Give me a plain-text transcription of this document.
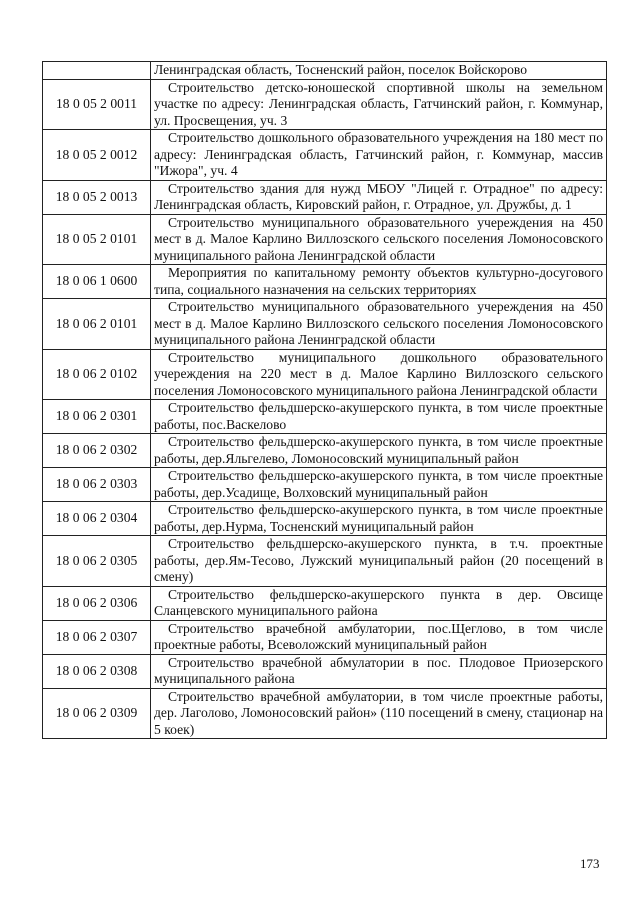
	Ленинградская область, Тосненский район, поселок Войскорово
18 0 05 2 0011	Строительство детско-юношеской спортивной школы на земельном участке по адресу: Ленинградская область, Гатчинский район, г. Коммунар, ул. Просвещения, уч. 3
18 0 05 2 0012	Строительство дошкольного образовательного учреждения на 180 мест по адресу: Ленинградская область, Гатчинский район, г. Коммунар, массив "Ижора", уч. 4
18 0 05 2 0013	Строительство здания для нужд МБОУ "Лицей г. Отрадное" по адресу: Ленинградская область, Кировский район, г. Отрадное, ул. Дружбы, д. 1
18 0 05 2 0101	Строительство муниципального образовательного учереждения на 450 мест в д. Малое Карлино Виллозского сельского поселения Ломоносовского муниципального района Ленинградской области
18 0 06 1 0600	Мероприятия по капитальному ремонту объектов культурно-досугового типа, социального назначения на сельских территориях
18 0 06 2 0101	Строительство муниципального образовательного учереждения на 450 мест в д. Малое Карлино Виллозского сельского поселения Ломоносовского муниципального района Ленинградской области
18 0 06 2 0102	Строительство муниципального дошкольного образовательного учереждения на 220 мест в д. Малое Карлино Виллозского сельского поселения Ломоносовского муниципального района Ленинградской области
18 0 06 2 0301	Строительство фельдшерско-акушерского пункта, в том числе проектные работы, пос.Васкелово
18 0 06 2 0302	Строительство фельдшерско-акушерского пункта, в том числе проектные работы, дер.Яльгелево, Ломоносовский муниципальный район
18 0 06 2 0303	Строительство фельдшерско-акушерского пункта, в том числе проектные работы, дер.Усадище, Волховский муниципальный район
18 0 06 2 0304	Строительство фельдшерско-акушерского пункта, в том числе проектные работы, дер.Нурма, Тосненский муниципальный район
18 0 06 2 0305	Строительство фельдшерско-акушерского пункта, в т.ч. проектные работы, дер.Ям-Тесово, Лужский муниципальный район (20 посещений в смену)
18 0 06 2 0306	Строительство фельдшерско-акушерского пункта в дер. Овсище Сланцевского муниципального района
18 0 06 2 0307	Строительство врачебной амбулатории, пос.Щеглово, в том числе проектные работы, Всеволожский муниципальный район
18 0 06 2 0308	Строительство врачебной абмулатории в пос. Плодовое Приозерского муниципального района
18 0 06 2 0309	Строительство врачебной амбулатории, в том числе проектные работы, дер. Лаголово, Ломоносовский район» (110 посещений в смену, стационар на 5 коек)
173
